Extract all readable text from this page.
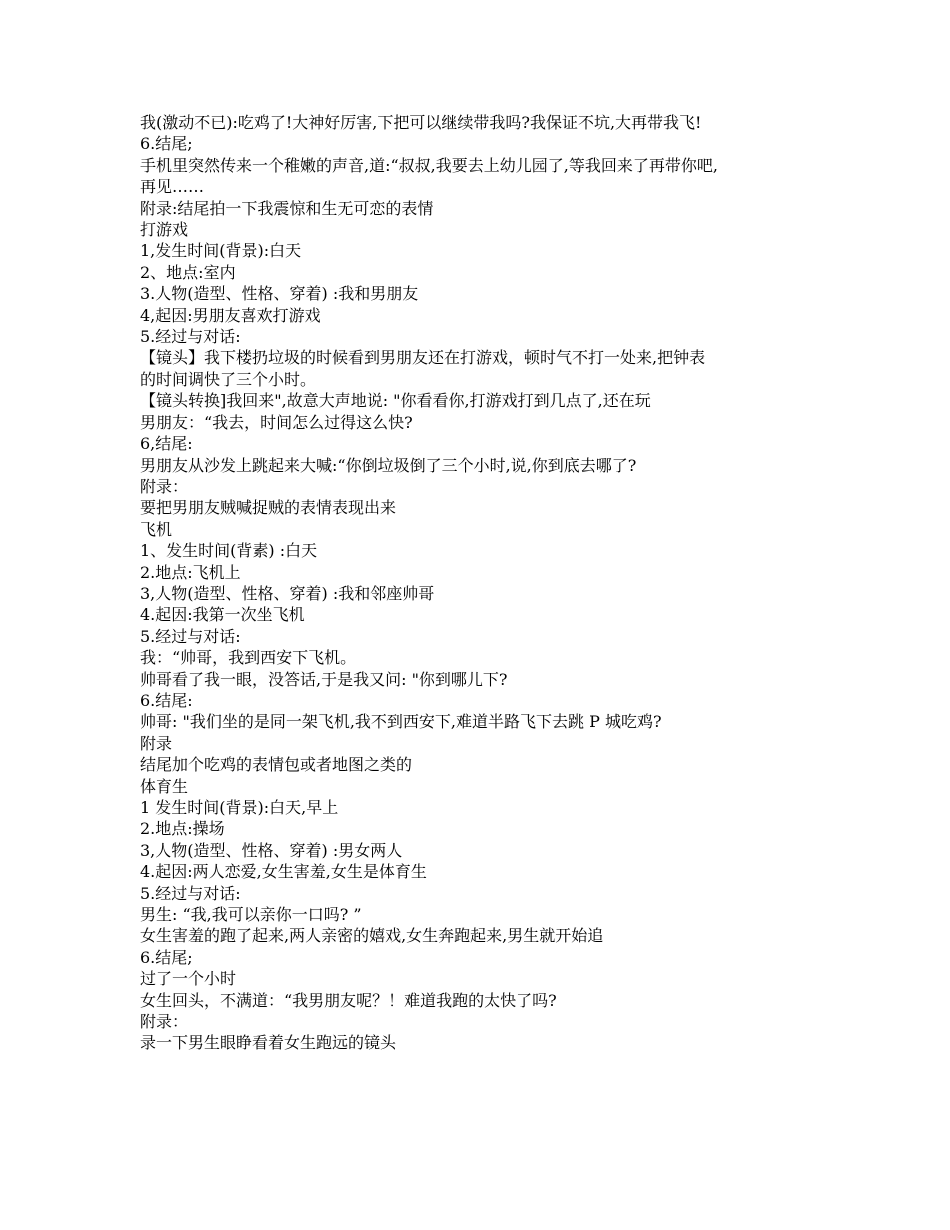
我(激动不已):吃鸡了!大神好厉害,下把可以继续带我吗?我保证不坑,大再带我飞!
6.结尾;
手机里突然传来一个稚嫩的声音,道:“叔叔,我要去上幼儿园了,等我回来了再带你吧,
再见……
附录:结尾拍一下我震惊和生无可恋的表情
打游戏
1,发生时间(背景):白天
2、地点:室内
3.人物(造型、性格、穿着) :我和男朋友
4,起因:男朋友喜欢打游戏
5.经过与对话:
【镜头】我下楼扔垃圾的时候看到男朋友还在打游戏，顿时气不打一处来,把钟表
的时间调快了三个小时。
【镜头转换]我回来",故意大声地说: "你看看你,打游戏打到几点了,还在玩
男朋友：“我去，时间怎么过得这么快?
6,结尾:
男朋友从沙发上跳起来大喊:“你倒垃圾倒了三个小时,说,你到底去哪了?
附录：
要把男朋友贼喊捉贼的表情表现出来
飞机
1、发生时间(背素) :白天
2.地点:飞机上
3,人物(造型、性格、穿着) :我和邻座帅哥
4.起因:我第一次坐飞机
5.经过与对话:
我：“帅哥，我到西安下飞机。
帅哥看了我一眼，没答话,于是我又问: "你到哪儿下?
6.结尾:
帅哥: "我们坐的是同一架飞机,我不到西安下,难道半路飞下去跳 P 城吃鸡?
附录
结尾加个吃鸡的表情包或者地图之类的
体育生
1 发生时间(背景):白天,早上
2.地点:操场
3,人物(造型、性格、穿着) :男女两人
4.起因:两人恋爱,女生害羞,女生是体育生
5.经过与对话:
男生: “我,我可以亲你一口吗? ”
女生害羞的跑了起来,两人亲密的嬉戏,女生奔跑起来,男生就开始追
6.结尾;
过了一个小时
女生回头，不满道：“我男朋友呢？！难道我跑的太快了吗?
附录：
录一下男生眼睁看着女生跑远的镜头
